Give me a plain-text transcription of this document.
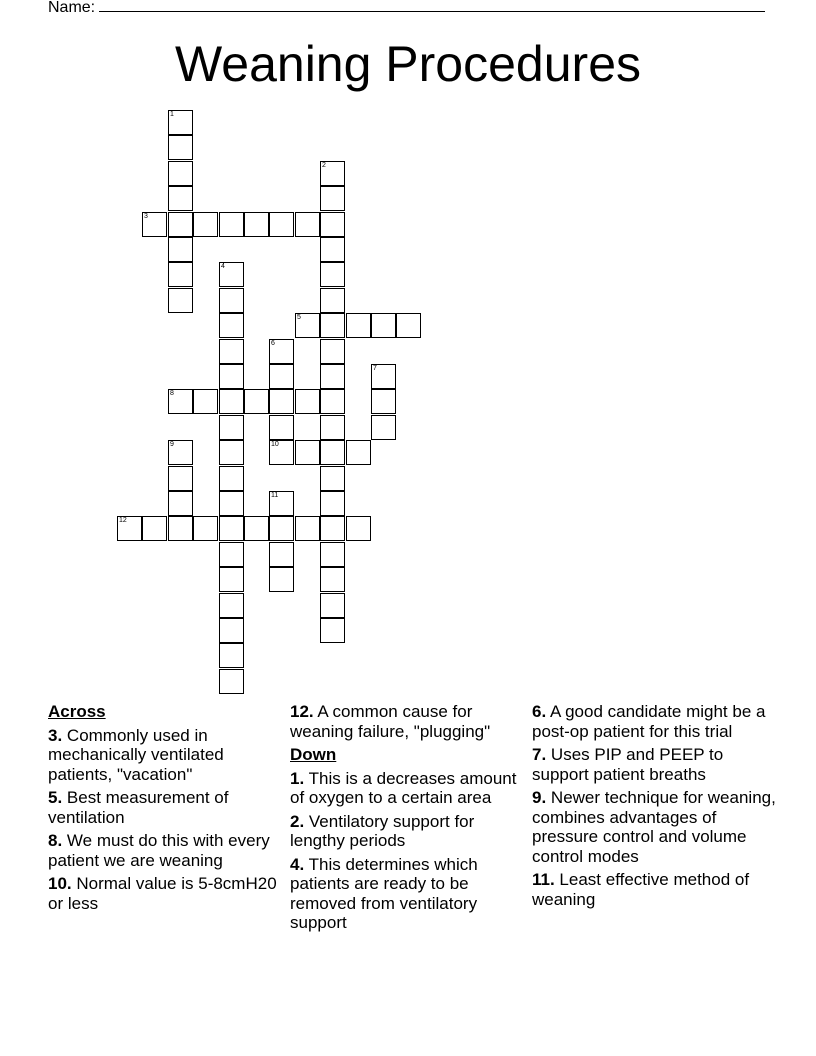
Name:
Weaning Procedures
1
2
3
4
5
6
7
8
9	10
11
12
Across
3. Commonly used in mechanically ventilated patients, "vacation"
5. Best measurement of ventilation
8. We must do this with every patient we are weaning
10. Normal value is 5-8cmH20 or less
12. A common cause for weaning failure, "plugging"
Down
1. This is a decreases amount of oxygen to a certain area
2. Ventilatory support for lengthy periods
4. This determines which patients are ready to be removed from ventilatory support
6. A good candidate might be a post-op patient for this trial
7. Uses PIP and PEEP to support patient breaths
9. Newer technique for weaning, combines advantages of pressure control and volume control modes
11. Least effective method of weaning
